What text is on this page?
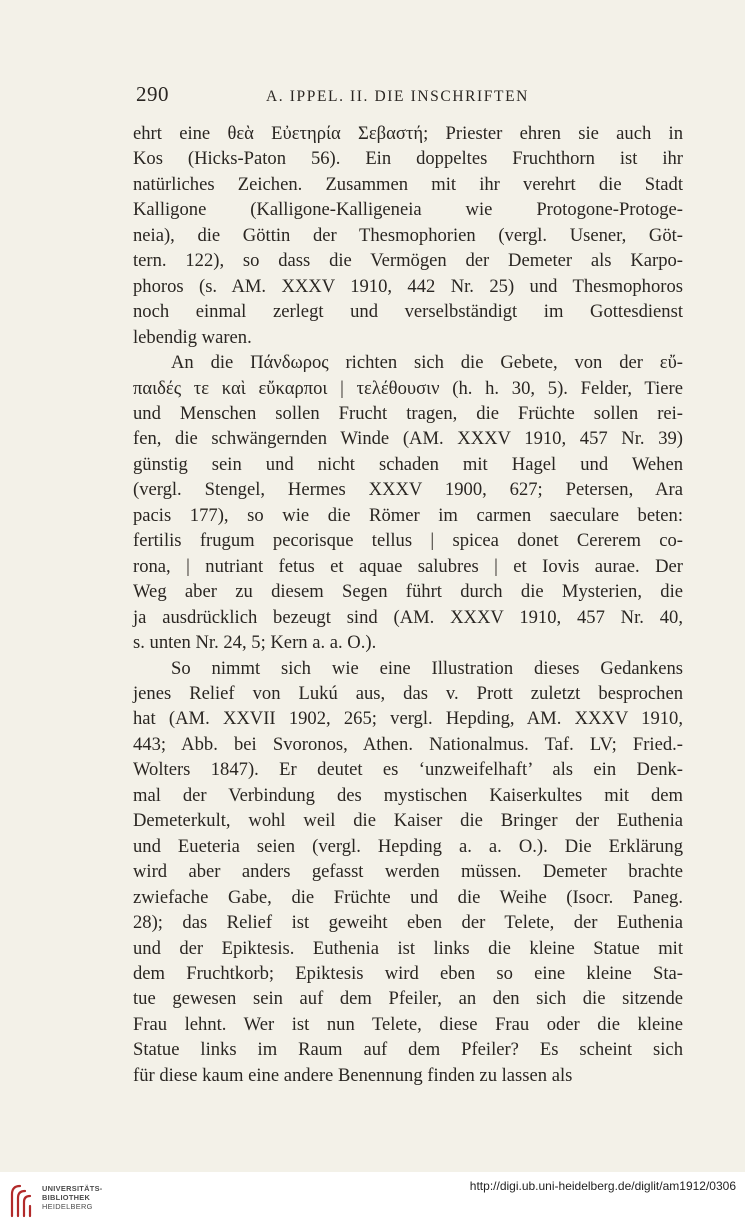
290	A. IPPEL. II. DIE INSCHRIFTEN
ehrt eine θεὰ Εὐετηρία Σεβαστή; Priester ehren sie auch in
Kos (Hicks-Paton 56). Ein doppeltes Fruchthorn ist ihr
natürliches Zeichen. Zusammen mit ihr verehrt die Stadt
Kalligone (Kalligone-Kalligeneia wie Protogone-Protoge-
neia), die Göttin der Thesmophorien (vergl. Usener, Göt-
tern. 122), so dass die Vermögen der Demeter als Karpo-
phoros (s. AM. XXXV 1910, 442 Nr. 25) und Thesmophoros
noch einmal zerlegt und verselbständigt im Gottesdienst
lebendig waren.
An die Πάνδωρος richten sich die Gebete, von der εὔ-
παιδές τε καὶ εὔκαρποι | τελέθουσιν (h. h. 30, 5). Felder, Tiere
und Menschen sollen Frucht tragen, die Früchte sollen rei-
fen, die schwängernden Winde (AM. XXXV 1910, 457 Nr. 39)
günstig sein und nicht schaden mit Hagel und Wehen
(vergl. Stengel, Hermes XXXV 1900, 627; Petersen, Ara
pacis 177), so wie die Römer im carmen saeculare beten:
fertilis frugum pecorisque tellus | spicea donet Cererem co-
rona, | nutriant fetus et aquae salubres | et Iovis aurae. Der
Weg aber zu diesem Segen führt durch die Mysterien, die
ja ausdrücklich bezeugt sind (AM. XXXV 1910, 457 Nr. 40,
s. unten Nr. 24, 5; Kern a. a. O.).
So nimmt sich wie eine Illustration dieses Gedankens
jenes Relief von Lukú aus, das v. Prott zuletzt besprochen
hat (AM. XXVII 1902, 265; vergl. Hepding, AM. XXXV 1910,
443; Abb. bei Svoronos, Athen. Nationalmus. Taf. LV; Fried.-
Wolters 1847). Er deutet es ‘unzweifelhaft’ als ein Denk-
mal der Verbindung des mystischen Kaiserkultes mit dem
Demeterkult, wohl weil die Kaiser die Bringer der Euthenia
und Eueteria seien (vergl. Hepding a. a. O.). Die Erklärung
wird aber anders gefasst werden müssen. Demeter brachte
zwiefache Gabe, die Früchte und die Weihe (Isocr. Paneg.
28); das Relief ist geweiht eben der Telete, der Euthenia
und der Epiktesis. Euthenia ist links die kleine Statue mit
dem Fruchtkorb; Epiktesis wird eben so eine kleine Sta-
tue gewesen sein auf dem Pfeiler, an den sich die sitzende
Frau lehnt. Wer ist nun Telete, diese Frau oder die kleine
Statue links im Raum auf dem Pfeiler? Es scheint sich
für diese kaum eine andere Benennung finden zu lassen als
UNIVERSITÄTS-
BIBLIOTHEK
HEIDELBERG
http://digi.ub.uni-heidelberg.de/diglit/am1912/0306
